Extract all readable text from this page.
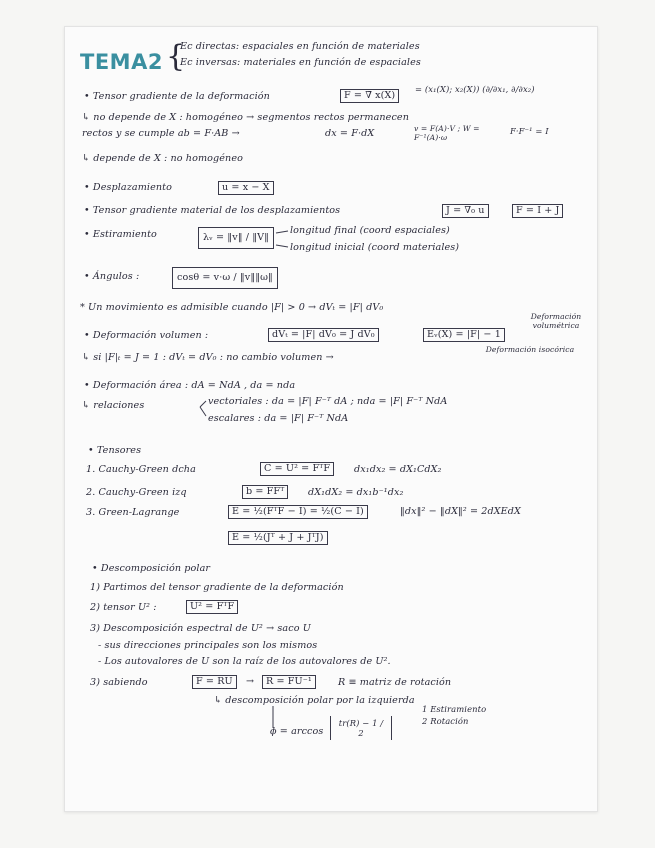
TEMA2 {
Ec directas: espaciales en función de materiales
Ec inversas: materiales en función de espaciales
• Tensor gradiente de la deformación	F = ∇̃ x(X)
= (x₁(X); x₂(X)) (∂/∂x₁, ∂/∂x₂)
↳ no depende de X : homogéneo → segmentos rectos permanecen
rectos y se cumple ab = F·AB →	dx = F·dX	v = F(A)·V ; W = F⁻¹(A)·ω
F·F⁻¹ = I
↳ depende de X : no homogéneo
• Desplazamiento	u = x − X
• Tensor gradiente material de los desplazamientos	J = ∇₀ u	F = I + J
• Estiramiento	λᵥ = ‖v‖ / ‖V‖
longitud final (coord espaciales)
longitud inicial (coord materiales)
• Ángulos :	cosθ = v·ω / ‖v‖‖ω‖
* Un movimiento es admisible cuando |F| > 0 → dVₜ = |F| dV₀
• Deformación volumen :	dVₜ = |F| dV₀ = J dV₀	Eᵥ(X) = |F| − 1
Deformación volumétrica
↳ si |F|ₜ = J = 1 : dVₜ = dV₀ : no cambio volumen →
Deformación isocórica
• Deformación área : dA = NdA , da = nda
↳ relaciones	vectoriales : da = |F| F⁻ᵀ dA ; nda = |F| F⁻ᵀ NdA
escalares : da = |F| F⁻ᵀ NdA
• Tensores
1. Cauchy-Green dcha	C = U² = FᵀF	dx₁dx₂ = dX₁CdX₂
2. Cauchy-Green izq	b = FFᵀ	dX₁dX₂ = dx₁b⁻¹dx₂
3. Green-Lagrange	E = ½(FᵀF − I) = ½(C − I)	‖dx‖² − ‖dX‖² = 2dXEdX
E = ½(Jᵀ + J + JᵀJ)
• Descomposición polar
1) Partimos del tensor gradiente de la deformación
2) tensor U² :	U² = FᵀF
3) Descomposición espectral de U² → saco U
- sus direcciones principales son los mismos
- Los autovalores de U son la raíz de los autovalores de U².
3) sabiendo	F = RU	→	R = FU⁻¹	R ≡ matriz de rotación
↳ descomposición polar por la izquierda
1 Estiramiento
2 Rotación
ϕ = arccos
tr(R) − 1 / 2
